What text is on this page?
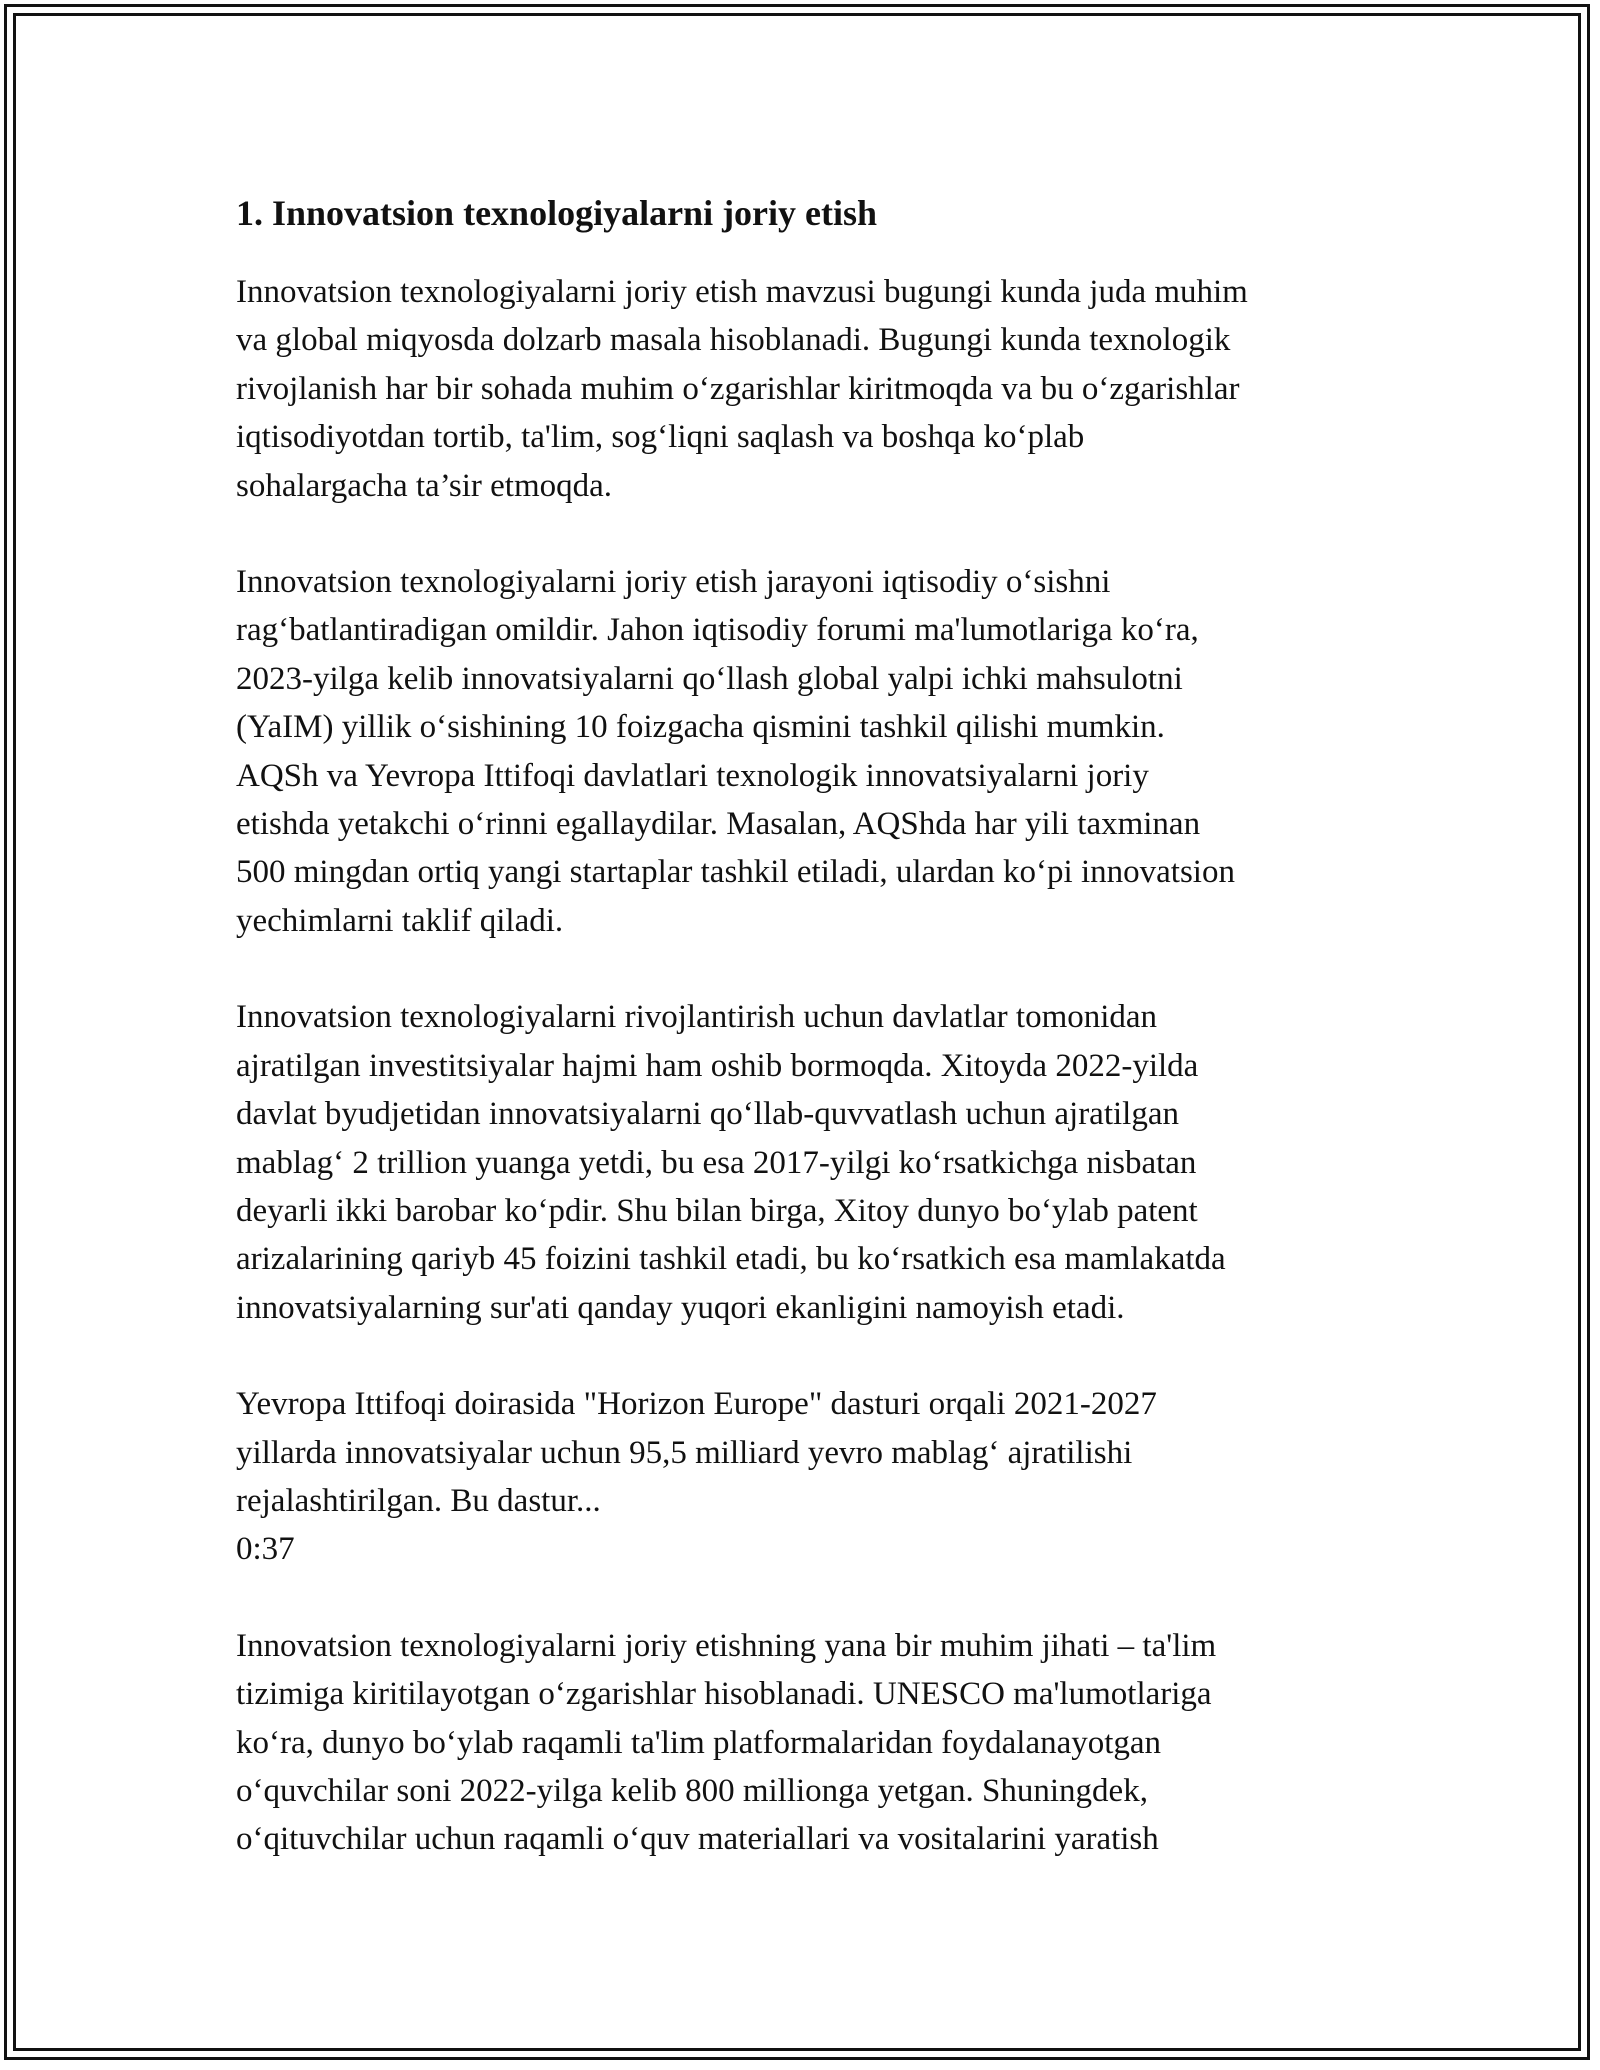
1. Innovatsion texnologiyalarni joriy etish

Innovatsion texnologiyalarni joriy etish mavzusi bugungi kunda juda muhim
va global miqyosda dolzarb masala hisoblanadi. Bugungi kunda texnologik
rivojlanish har bir sohada muhim o‘zgarishlar kiritmoqda va bu o‘zgarishlar
iqtisodiyotdan tortib, ta'lim, sog‘liqni saqlash va boshqa ko‘plab
sohalargacha ta’sir etmoqda.

Innovatsion texnologiyalarni joriy etish jarayoni iqtisodiy o‘sishni
rag‘batlantiradigan omildir. Jahon iqtisodiy forumi ma'lumotlariga ko‘ra,
2023-yilga kelib innovatsiyalarni qo‘llash global yalpi ichki mahsulotni
(YaIM) yillik o‘sishining 10 foizgacha qismini tashkil qilishi mumkin.
AQSh va Yevropa Ittifoqi davlatlari texnologik innovatsiyalarni joriy
etishda yetakchi o‘rinni egallaydilar. Masalan, AQShda har yili taxminan
500 mingdan ortiq yangi startaplar tashkil etiladi, ulardan ko‘pi innovatsion
yechimlarni taklif qiladi.

Innovatsion texnologiyalarni rivojlantirish uchun davlatlar tomonidan
ajratilgan investitsiyalar hajmi ham oshib bormoqda. Xitoyda 2022-yilda
davlat byudjetidan innovatsiyalarni qo‘llab-quvvatlash uchun ajratilgan
mablag‘ 2 trillion yuanga yetdi, bu esa 2017-yilgi ko‘rsatkichga nisbatan
deyarli ikki barobar ko‘pdir. Shu bilan birga, Xitoy dunyo bo‘ylab patent
arizalarining qariyb 45 foizini tashkil etadi, bu ko‘rsatkich esa mamlakatda
innovatsiyalarning sur'ati qanday yuqori ekanligini namoyish etadi.

Yevropa Ittifoqi doirasida "Horizon Europe" dasturi orqali 2021-2027
yillarda innovatsiyalar uchun 95,5 milliard yevro mablag‘ ajratilishi
rejalashtirilgan. Bu dastur...
0:37

Innovatsion texnologiyalarni joriy etishning yana bir muhim jihati – ta'lim
tizimiga kiritilayotgan o‘zgarishlar hisoblanadi. UNESCO ma'lumotlariga
ko‘ra, dunyo bo‘ylab raqamli ta'lim platformalaridan foydalanayotgan
o‘quvchilar soni 2022-yilga kelib 800 millionga yetgan. Shuningdek,
o‘qituvchilar uchun raqamli o‘quv materiallari va vositalarini yaratish
